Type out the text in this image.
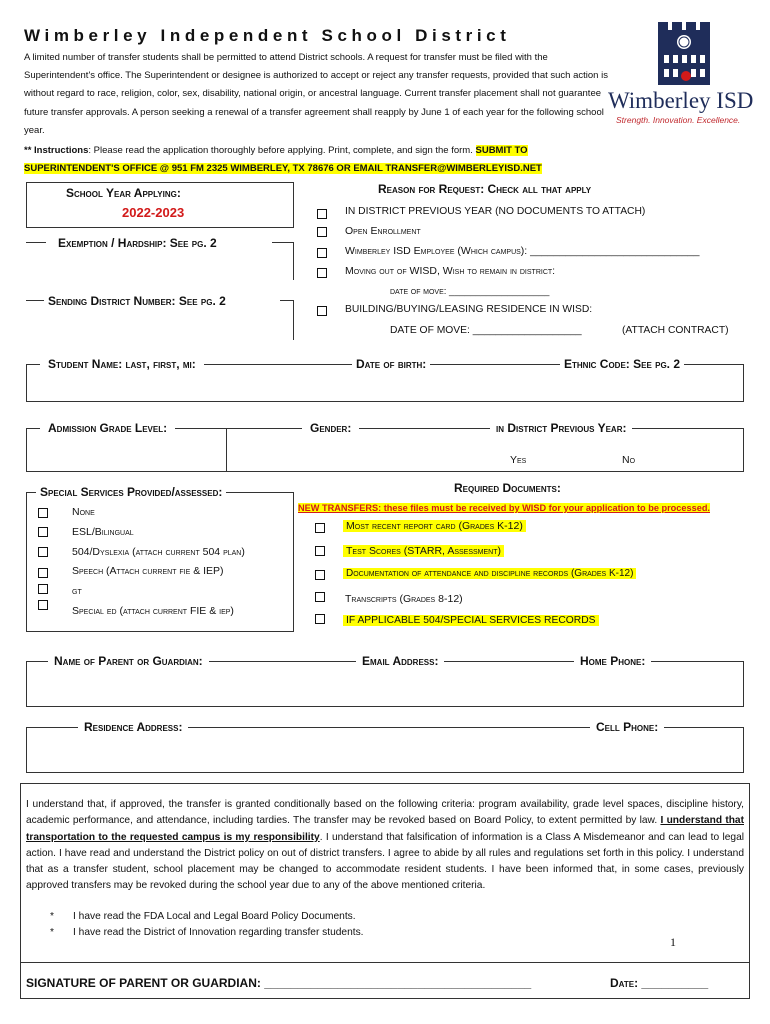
Wimberley Independent School District
A limited number of transfer students shall be permitted to attend District schools. A request for transfer must be filed with the Superintendent's office. The Superintendent or designee is authorized to accept or reject any transfer requests, provided that such action is without regard to race, religion, color, sex, disability, national origin, or ancestral language. Current transfer placement shall not guarantee future transfer approvals. A person seeking a renewal of a transfer agreement shall reapply by June 1 of each year for the following school year.
** Instructions: Please read the application thoroughly before applying. Print, complete, and sign the form. SUBMIT TO SUPERINTENDENT'S OFFICE @ 951 FM 2325 WIMBERLEY, TX 78676 OR EMAIL TRANSFER@WIMBERLEYISD.NET
Wimberley ISD
Strength. Innovation. Excellence.
School Year Applying:
2022-2023
Exemption / Hardship: See pg. 2
Sending District Number: See pg. 2
Reason for Request: Check all that apply
IN DISTRICT PREVIOUS YEAR (NO DOCUMENTS TO ATTACH)
Open Enrollment
Wimberley ISD Employee (Which campus): _____________________________
Moving out of WISD, Wish to remain in district:
date of move: ___________________
BUILDING/BUYING/LEASING RESIDENCE IN WISD:
DATE OF MOVE: ___________________	(ATTACH CONTRACT)
Student Name: last, first, mi:	Date of birth:	Ethnic Code: See pg. 2
Admission Grade Level:	Gender:	in District Previous Year:
Yes	No
Special Services Provided/assessed:
None
ESL/Bilingual
504/Dyslexia (attach current 504 plan)
Speech (Attach current fie & IEP)
gt
Special ed (attach current FIE & iep)
Required Documents:
NEW TRANSFERS: these files must be received by WISD for your application to be processed.
Most recent report card (Grades K-12)
Test Scores (STARR, Assessment)
Documentation of attendance and discipline records (Grades K-12)
Transcripts (Grades 8-12)
IF APPLICABLE 504/SPECIAL SERVICES RECORDS
Name of Parent or Guardian:	Email Address:	Home Phone:
Residence Address:	Cell Phone:
I understand that, if approved, the transfer is granted conditionally based on the following criteria: program availability, grade level spaces, discipline history, academic performance, and attendance, including tardies. The transfer may be revoked based on Board Policy, to extent permitted by law. I understand that transportation to the requested campus is my responsibility. I understand that falsification of information is a Class A Misdemeanor and can lead to legal action. I have read and understand the District policy on out of district transfers. I agree to abide by all rules and regulations set forth in this policy. I understand that as a transfer student, school placement may be changed to accommodate resident students. I have been informed that, in some cases, previously approved transfers may be revoked during the school year due to any of the above mentioned criteria.
* I have read the FDA Local and Legal Board Policy Documents.
* I have read the District of Innovation regarding transfer students.
1
SIGNATURE OF PARENT OR GUARDIAN: ________________________________________	Date: __________
